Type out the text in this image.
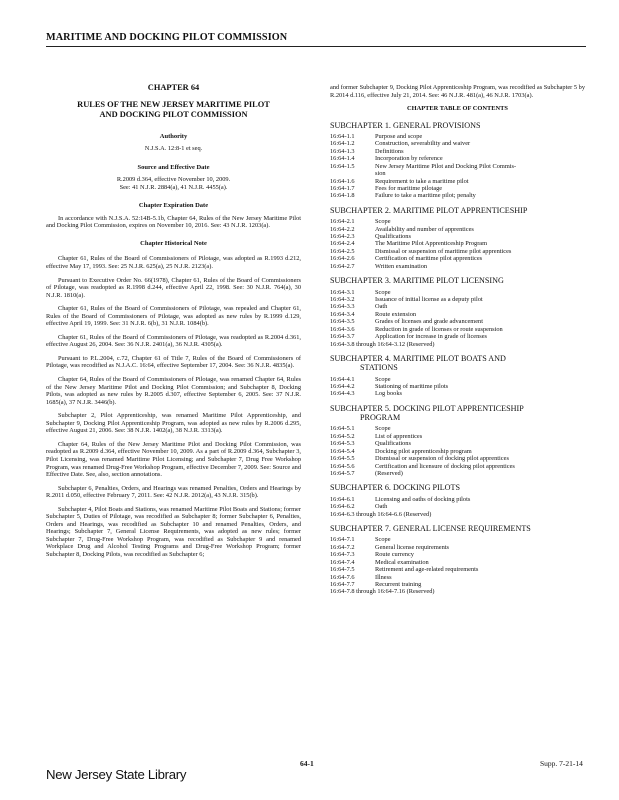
MARITIME AND DOCKING PILOT COMMISSION
CHAPTER 64
RULES OF THE NEW JERSEY MARITIME PILOT
AND DOCKING PILOT COMMISSION
Authority
N.J.S.A. 12:8-1 et seq.
Source and Effective Date
R.2009 d.364, effective November 10, 2009.
See: 41 N.J.R. 2884(a), 41 N.J.R. 4455(a).
Chapter Expiration Date

In accordance with N.J.S.A. 52:14B-5.1b, Chapter 64, Rules of the New Jersey Maritime Pilot and Docking Pilot Commission, expires on November 10, 2016. See: 43 N.J.R. 1203(a).

Chapter Historical Note

Chapter 61, Rules of the Board of Commissioners of Pilotage, was adopted as R.1993 d.212, effective May 17, 1993. See: 25 N.J.R. 625(a), 25 N.J.R. 2123(a).

Pursuant to Executive Order No. 66(1978), Chapter 61, Rules of the Board of Commissioners of Pilotage, was readopted as R.1998 d.244, effective April 22, 1998. See: 30 N.J.R. 764(a), 30 N.J.R. 1810(a).

Chapter 61, Rules of the Board of Commissioners of Pilotage, was repealed and Chapter 61, Rules of the Board of Commissioners of Pilotage, was adopted as new rules by R.1999 d.129, effective April 19, 1999. See: 31 N.J.R. 6(b), 31 N.J.R. 1084(b).

Chapter 61, Rules of the Board of Commissioners of Pilotage, was readopted as R.2004 d.361, effective August 26, 2004. See: 36 N.J.R. 2401(a), 36 N.J.R. 4305(a).

Pursuant to P.L.2004, c.72, Chapter 61 of Title 7, Rules of the Board of Commissioners of Pilotage, was recodified as N.J.A.C. 16:64, effective September 17, 2004. See: 36 N.J.R. 4835(a).

Chapter 64, Rules of the Board of Commissioners of Pilotage, was renamed Chapter 64, Rules of the New Jersey Maritime Pilot and Docking Pilot Commission; and Subchapter 8, Docking Pilots, was adopted as new rules by R.2005 d.307, effective September 6, 2005. See: 37 N.J.R. 1685(a), 37 N.J.R. 3446(b).

Subchapter 2, Pilot Apprenticeship, was renamed Maritime Pilot Apprenticeship, and Subchapter 9, Docking Pilot Apprenticeship Program, was adopted as new rules by R.2006 d.295, effective August 21, 2006. See: 38 N.J.R. 1402(a), 38 N.J.R. 3313(a).

Chapter 64, Rules of the New Jersey Maritime Pilot and Docking Pilot Commission, was readopted as R.2009 d.364, effective November 10, 2009. As a part of R.2009 d.364, Subchapter 3, Pilot Licensing, was renamed Maritime Pilot Licensing; and Subchapter 7, Drug Free Workshop Program, was renamed Drug-Free Workshop Program, effective December 7, 2009. See: Source and Effective Date. See, also, section annotations.

Subchapter 6, Penalties, Orders, and Hearings was renamed Penalties, Orders and Hearings by R.2011 d.050, effective February 7, 2011. See: 42 N.J.R. 2012(a), 43 N.J.R. 315(b).

Subchapter 4, Pilot Boats and Stations, was renamed Maritime Pilot Boats and Stations; former Subchapter 5, Duties of Pilotage, was recodified as Subchapter 8; former Subchapter 6, Penalties, Orders and Hearings, was recodified as Subchapter 10 and renamed Penalties, Orders, and Hearings; Subchapter 7, General License Requirements, was adopted as new rules; former Subchapter 7, Drug-Free Workshop Program, was recodified as Subchapter 9 and renamed Workplace Drug and Alcohol Testing Programs and Drug-Free Workshop Program; former Subchapter 8, Docking Pilots, was recodified as Subchapter 6;

and former Subchapter 9, Docking Pilot Apprenticeship Program, was recodified as Subchapter 5 by R.2014 d.116, effective July 21, 2014. See: 46 N.J.R. 481(a), 46 N.J.R. 1703(a).

CHAPTER TABLE OF CONTENTS
SUBCHAPTER 1. GENERAL PROVISIONS
16:64-1.1	Purpose and scope
16:64-1.2	Construction, severability and waiver
16:64-1.3	Definitions
16:64-1.4	Incorporation by reference
16:64-1.5	New Jersey Maritime Pilot and Docking Pilot Commis-
sion
16:64-1.6	Requirement to take a maritime pilot
16:64-1.7	Fees for maritime pilotage
16:64-1.8	Failure to take a maritime pilot; penalty
SUBCHAPTER 2. MARITIME PILOT APPRENTICESHIP
16:64-2.1	Scope
16:64-2.2	Availability and number of apprentices
16:64-2.3	Qualifications
16:64-2.4	The Maritime Pilot Apprenticeship Program
16:64-2.5	Dismissal or suspension of maritime pilot apprentices
16:64-2.6	Certification of maritime pilot apprentices
16:64-2.7	Written examination
SUBCHAPTER 3. MARITIME PILOT LICENSING
16:64-3.1	Scope
16:64-3.2	Issuance of initial license as a deputy pilot
16:64-3.3	Oath
16:64-3.4	Route extension
16:64-3.5	Grades of licenses and grade advancement
16:64-3.6	Reduction in grade of licenses or route suspension
16:64-3.7	Application for increase in grade of licenses
16:64-3.8 through 16:64-3.12 (Reserved)
SUBCHAPTER 4. MARITIME PILOT BOATS AND
STATIONS
16:64-4.1	Scope
16:64-4.2	Stationing of maritime pilots
16:64-4.3	Log books
SUBCHAPTER 5. DOCKING PILOT APPRENTICESHIP
PROGRAM
16:64-5.1	Scope
16:64-5.2	List of apprentices
16:64-5.3	Qualifications
16:64-5.4	Docking pilot apprenticeship program
16:64-5.5	Dismissal or suspension of docking pilot apprentices
16:64-5.6	Certification and licensure of docking pilot apprentices
16:64-5.7	(Reserved)
SUBCHAPTER 6. DOCKING PILOTS
16:64-6.1	Licensing and oaths of docking pilots
16:64-6.2	Oath
16:64-6.3 through 16:64-6.6 (Reserved)
SUBCHAPTER 7. GENERAL LICENSE REQUIREMENTS
16:64-7.1	Scope
16:64-7.2	General license requirements
16:64-7.3	Route currency
16:64-7.4	Medical examination
16:64-7.5	Retirement and age-related requirements
16:64-7.6	Illness
16:64-7.7	Recurrent training
16:64-7.8 through 16:64-7.16 (Reserved)
New Jersey State Library
64-1	Supp. 7-21-14
